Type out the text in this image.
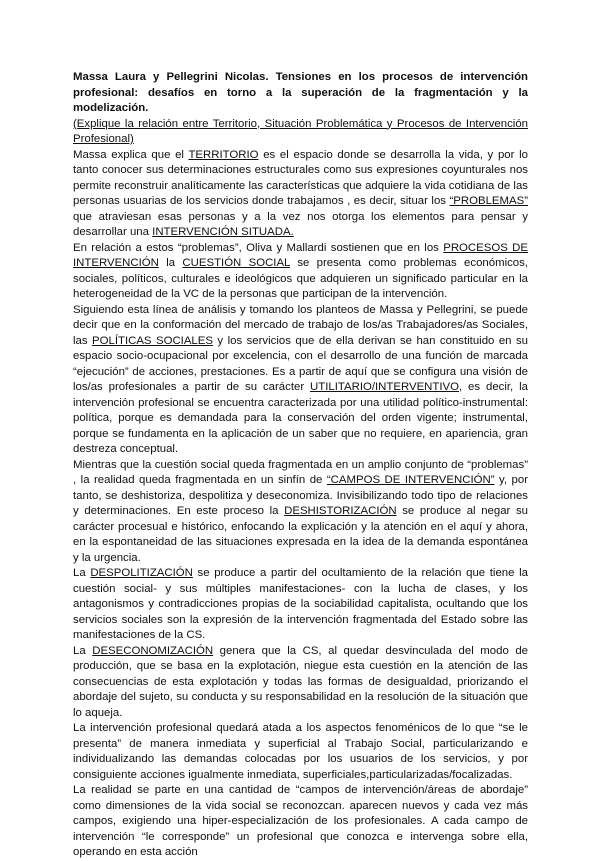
Massa Laura y Pellegrini Nicolas. Tensiones en los procesos de intervención profesional: desafíos en torno a la superación de la fragmentación y la modelización.

(Explique la relación entre Territorio, Situación Problemática y Procesos de Intervención Profesional)

Massa explica que el TERRITORIO es el espacio donde se desarrolla la vida, y por lo tanto conocer sus determinaciones estructurales como sus expresiones coyunturales nos permite reconstruir analíticamente las características que adquiere la vida cotidiana de las personas usuarias de los servicios donde trabajamos , es decir, situar los “PROBLEMAS” que atraviesan esas personas y a la vez nos otorga los elementos para pensar y desarrollar una INTERVENCIÓN SITUADA.

En relación a estos “problemas”, Oliva y Mallardi sostienen que en los PROCESOS DE INTERVENCIÓN la CUESTIÓN SOCIAL se presenta como problemas económicos, sociales, políticos, culturales e ideológicos que adquieren un significado particular en la heterogeneidad de la VC de la personas que participan de la intervención.

Siguiendo esta línea de análisis y tomando los planteos de Massa y Pellegrini, se puede decir que en la conformación del mercado de trabajo de los/as Trabajadores/as Sociales, las POLÍTICAS SOCIALES y los servicios que de ella derivan se han constituido en su espacio socio-ocupacional por excelencia, con el desarrollo de una función de marcada “ejecución” de acciones, prestaciones. Es a partir de aquí que se configura una visión de los/as profesionales a partir de su carácter UTILITARIO/INTERVENTIVO, es decir, la intervención profesional se encuentra caracterizada por una utilidad político-instrumental: política, porque es demandada para la conservación del orden vigente; instrumental, porque se fundamenta en la aplicación de un saber que no requiere, en apariencia, gran destreza conceptual.

Mientras que la cuestión social queda fragmentada en un amplio conjunto de “problemas” , la realidad queda fragmentada en un sinfín de “CAMPOS DE INTERVENCIÓN” y, por tanto, se deshistoriza, despolitiza y deseconomiza. Invisibilizando todo tipo de relaciones y determinaciones. En este proceso la DESHISTORIZACIÓN se produce al negar su carácter procesual e histórico, enfocando la explicación y la atención en el aquí y ahora, en la espontaneidad de las situaciones expresada en la idea de la demanda espontánea y la urgencia.

La DESPOLITIZACIÓN se produce a partir del ocultamiento de la relación que tiene la cuestión social- y sus múltiples manifestaciones- con la lucha de clases, y los antagonismos y contradicciones propias de la sociabilidad capitalista, ocultando que los servicios sociales son la expresión de la intervención fragmentada del Estado sobre las manifestaciones de la CS.

La DESECONOMIZACIÓN genera que la CS, al quedar desvinculada del modo de producción, que se basa en la explotación, niegue esta cuestión en la atención de las consecuencias de esta explotación y todas las formas de desigualdad, priorizando el abordaje del sujeto, su conducta y su responsabilidad en la resolución de la situación que lo aqueja.

La intervención profesional quedará atada a los aspectos fenoménicos de lo que “se le presenta” de manera inmediata y superficial al Trabajo Social, particularizando e individualizando las demandas colocadas por los usuarios de los servicios, y por consiguiente acciones igualmente inmediata, superficiales,particularizadas/focalizadas.

La realidad se parte en una cantidad de “campos de intervención/áreas de abordaje” como dimensiones de la vida social se reconozcan. aparecen nuevos y cada vez más campos, exigiendo una hiper-especialización de los profesionales. A cada campo de intervención “le corresponde” un profesional que conozca e intervenga sobre ella, operando en esta acción
